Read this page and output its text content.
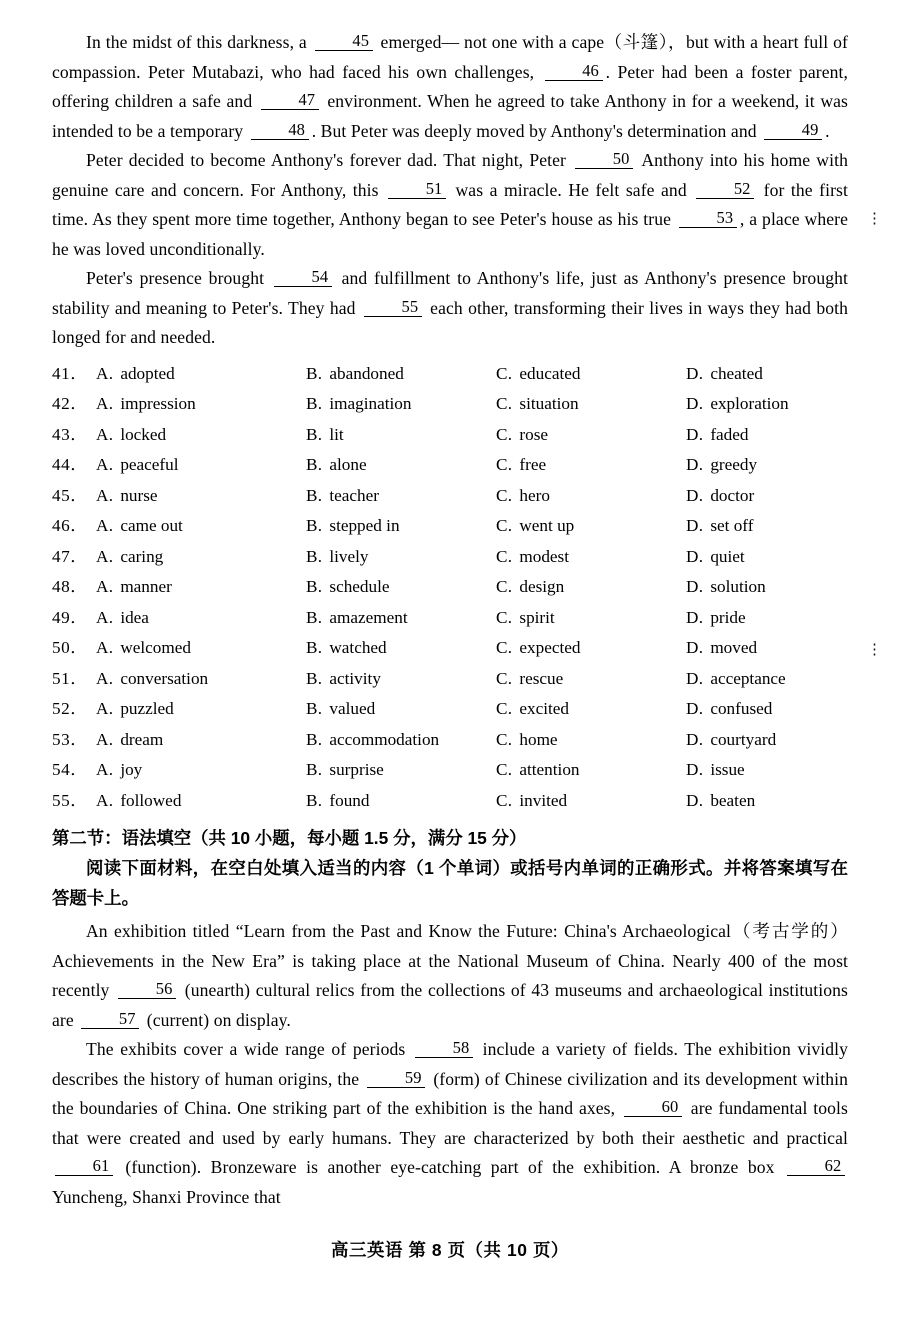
⋮
⋮

In the midst of this darkness, a 45 emerged— not one with a cape（斗篷），but with a heart full of compassion. Peter Mutabazi, who had faced his own challenges, 46 . Peter had been a foster parent, offering children a safe and 47 environment. When he agreed to take Anthony in for a weekend, it was intended to be a temporary 48 . But Peter was deeply moved by Anthony's determination and 49 .

Peter decided to become Anthony's forever dad. That night, Peter 50 Anthony into his home with genuine care and concern. For Anthony, this 51 was a miracle. He felt safe and 52 for the first time. As they spent more time together, Anthony began to see Peter's house as his true 53 , a place where he was loved unconditionally.

Peter's presence brought 54 and fulfillment to Anthony's life, just as Anthony's presence brought stability and meaning to Peter's. They had 55 each other, transforming their lives in ways they had both longed for and needed.

41． A. adopted	B. abandoned	C. educated	D. cheated
42． A. impression	B. imagination	C. situation	D. exploration
43． A. locked	B. lit	C. rose	D. faded
44． A. peaceful	B. alone	C. free	D. greedy
45． A. nurse	B. teacher	C. hero	D. doctor
46． A. came out	B. stepped in	C. went up	D. set off
47． A. caring	B. lively	C. modest	D. quiet
48． A. manner	B. schedule	C. design	D. solution
49． A. idea	B. amazement	C. spirit	D. pride
50． A. welcomed	B. watched	C. expected	D. moved
51． A. conversation	B. activity	C. rescue	D. acceptance
52． A. puzzled	B. valued	C. excited	D. confused
53． A. dream	B. accommodation	C. home	D. courtyard
54． A. joy	B. surprise	C. attention	D. issue
55． A. followed	B. found	C. invited	D. beaten
第二节：语法填空（共 10 小题，每小题 1.5 分，满分 15 分）
阅读下面材料，在空白处填入适当的内容（1 个单词）或括号内单词的正确形式。并将答案填写在答题卡上。

An exhibition titled “Learn from the Past and Know the Future: China's Archaeological（考古学的）Achievements in the New Era” is taking place at the National Museum of China. Nearly 400 of the most recently 56 (unearth) cultural relics from the collections of 43 museums and archaeological institutions are 57 (current) on display.

The exhibits cover a wide range of periods 58 include a variety of fields. The exhibition vividly describes the history of human origins, the 59 (form) of Chinese civilization and its development within the boundaries of China. One striking part of the exhibition is the hand axes, 60 are fundamental tools that were created and used by early humans. They are characterized by both their aesthetic and practical 61 (function). Bronzeware is another eye-catching part of the exhibition. A bronze box 62 Yuncheng, Shanxi Province that

高三英语 第 8 页（共 10 页）
